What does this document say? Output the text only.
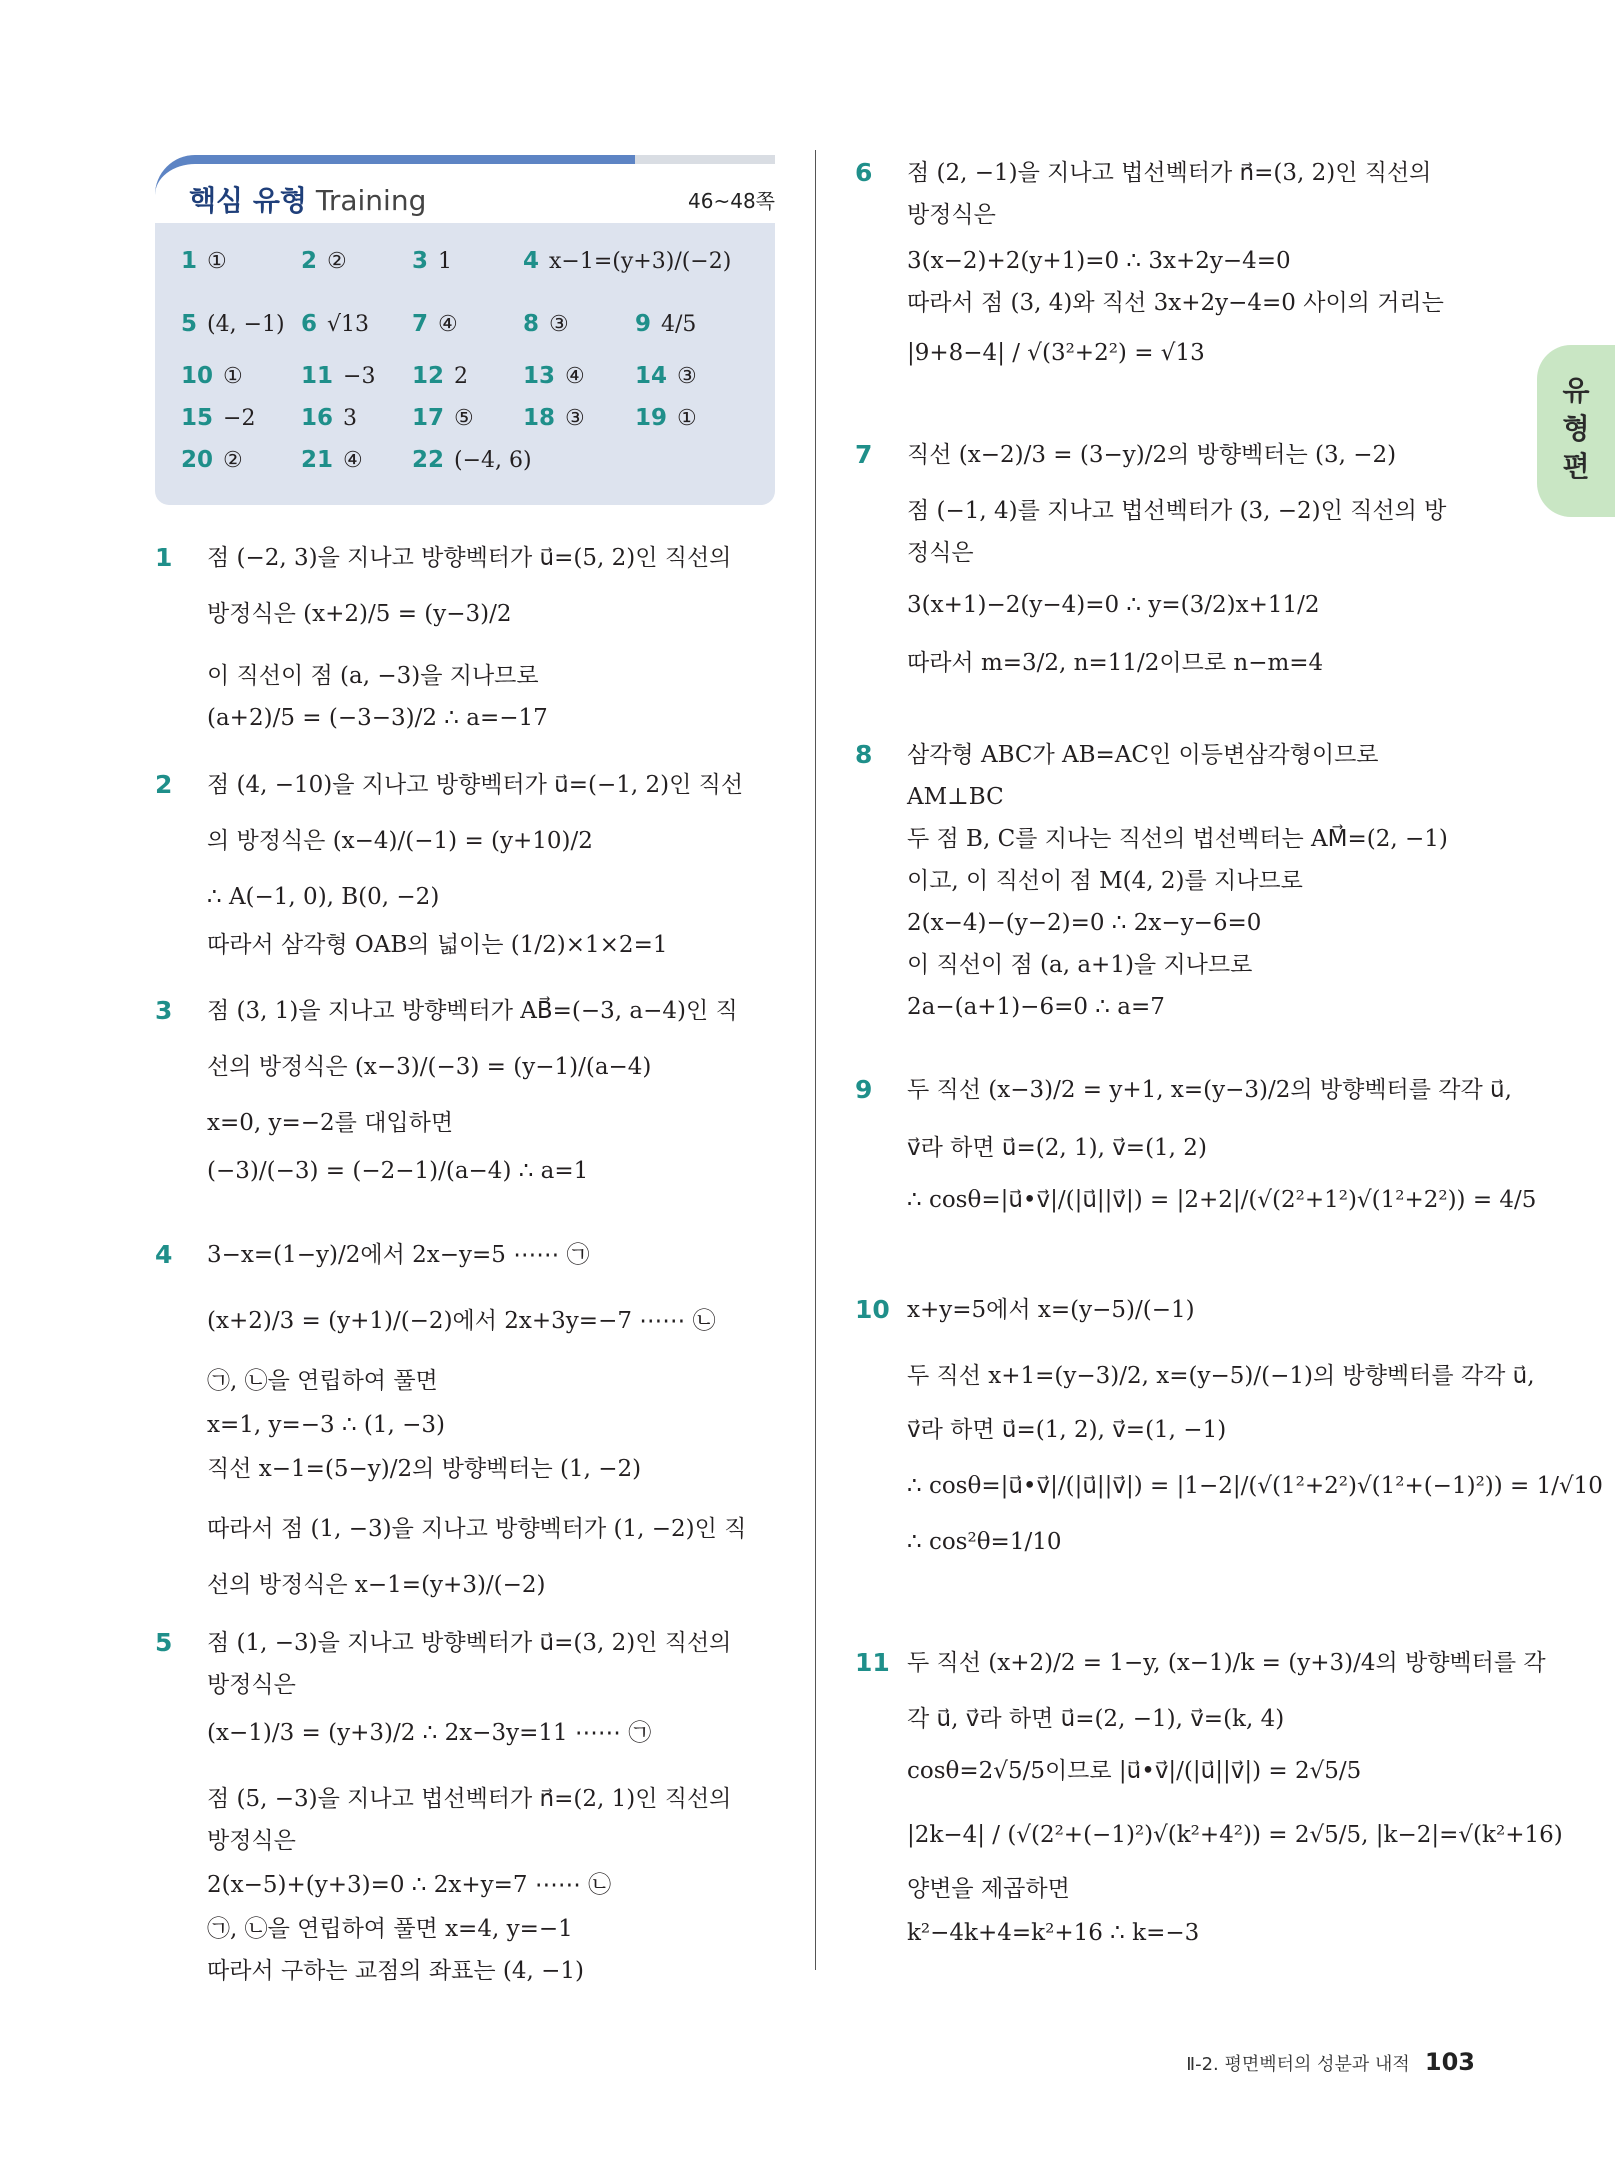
핵심 유형 Training	46~48쪽
1 ①	2 ②	3 1	4 x−1=(y+3)/(−2)
5 (4, −1) 6 √13 7 ④	8 ③	9 4/5
10 ①	11 −3 12 2 13 ④ 14 ③
15 −2 16 3 17 ⑤ 18 ③ 19 ①
20 ②	21 ④ 22 (−4, 6)
유형편
1 점 (−2, 3)을 지나고 방향벡터가 u⃗=(5, 2)인 직선의
방정식은 (x+2)/5 = (y−3)/2
이 직선이 점 (a, −3)을 지나므로
(a+2)/5 = (−3−3)/2 ∴ a=−17
2 점 (4, −10)을 지나고 방향벡터가 u⃗=(−1, 2)인 직선
의 방정식은 (x−4)/(−1) = (y+10)/2
∴ A(−1, 0), B(0, −2)
따라서 삼각형 OAB의 넓이는 (1/2)×1×2=1
3 점 (3, 1)을 지나고 방향벡터가 AB⃗=(−3, a−4)인 직
선의 방정식은 (x−3)/(−3) = (y−1)/(a−4)
x=0, y=−2를 대입하면
(−3)/(−3) = (−2−1)/(a−4) ∴ a=1
4 3−x=(1−y)/2에서 2x−y=5 ⋯⋯ ㉠
(x+2)/3 = (y+1)/(−2)에서 2x+3y=−7 ⋯⋯ ㉡
㉠, ㉡을 연립하여 풀면
x=1, y=−3 ∴ (1, −3)
직선 x−1=(5−y)/2의 방향벡터는 (1, −2)
따라서 점 (1, −3)을 지나고 방향벡터가 (1, −2)인 직
선의 방정식은 x−1=(y+3)/(−2)
5 점 (1, −3)을 지나고 방향벡터가 u⃗=(3, 2)인 직선의
방정식은
(x−1)/3 = (y+3)/2 ∴ 2x−3y=11 ⋯⋯ ㉠
점 (5, −3)을 지나고 법선벡터가 n⃗=(2, 1)인 직선의
방정식은
2(x−5)+(y+3)=0 ∴ 2x+y=7 ⋯⋯ ㉡
㉠, ㉡을 연립하여 풀면 x=4, y=−1
따라서 구하는 교점의 좌표는 (4, −1)
6 점 (2, −1)을 지나고 법선벡터가 n⃗=(3, 2)인 직선의
방정식은
3(x−2)+2(y+1)=0 ∴ 3x+2y−4=0
따라서 점 (3, 4)와 직선 3x+2y−4=0 사이의 거리는
|9+8−4| / √(3²+2²) = √13
7 직선 (x−2)/3 = (3−y)/2의 방향벡터는 (3, −2)
점 (−1, 4)를 지나고 법선벡터가 (3, −2)인 직선의 방
정식은
3(x+1)−2(y−4)=0 ∴ y=(3/2)x+11/2
따라서 m=3/2, n=11/2이므로 n−m=4
8 삼각형 ABC가 AB=AC인 이등변삼각형이므로
AM⊥BC
두 점 B, C를 지나는 직선의 법선벡터는 AM⃗=(2, −1)
이고, 이 직선이 점 M(4, 2)를 지나므로
2(x−4)−(y−2)=0 ∴ 2x−y−6=0
이 직선이 점 (a, a+1)을 지나므로
2a−(a+1)−6=0 ∴ a=7
9 두 직선 (x−3)/2 = y+1, x=(y−3)/2의 방향벡터를 각각 u⃗,
v⃗라 하면 u⃗=(2, 1), v⃗=(1, 2)
∴ cosθ=|u⃗•v⃗|/(|u⃗||v⃗|) = |2+2|/(√(2²+1²)√(1²+2²)) = 4/5
10 x+y=5에서 x=(y−5)/(−1)
두 직선 x+1=(y−3)/2, x=(y−5)/(−1)의 방향벡터를 각각 u⃗,
v⃗라 하면 u⃗=(1, 2), v⃗=(1, −1)
∴ cosθ=|u⃗•v⃗|/(|u⃗||v⃗|) = |1−2|/(√(1²+2²)√(1²+(−1)²)) = 1/√10
∴ cos²θ=1/10
11 두 직선 (x+2)/2 = 1−y, (x−1)/k = (y+3)/4의 방향벡터를 각
각 u⃗, v⃗라 하면 u⃗=(2, −1), v⃗=(k, 4)
cosθ=2√5/5이므로 |u⃗•v⃗|/(|u⃗||v⃗|) = 2√5/5
|2k−4| / (√(2²+(−1)²)√(k²+4²)) = 2√5/5, |k−2|=√(k²+16)
양변을 제곱하면
k²−4k+4=k²+16 ∴ k=−3
Ⅱ-2. 평면벡터의 성분과 내적 103
